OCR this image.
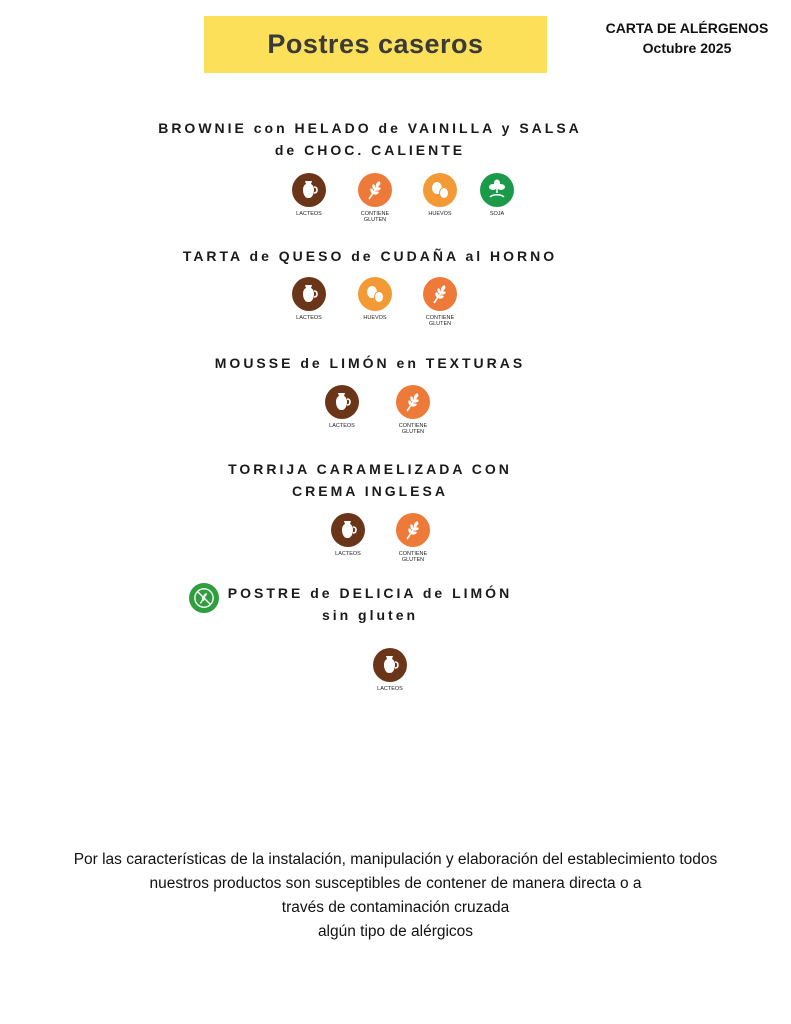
Postres caseros
CARTA DE ALÉRGENOS
Octubre 2025
BROWNIE con HELADO de VAINILLA y SALSA
de CHOC. CALIENTE
LACTEOS	CONTIENE
GLUTEN
HUEVOS	SOJA
TARTA de QUESO de CUDAÑA al HORNO
LACTEOS	HUEVOS	CONTIENE
GLUTEN
MOUSSE de LIMÓN en TEXTURAS
LACTEOS	CONTIENE
GLUTEN
TORRIJA CARAMELIZADA CON
CREMA INGLESA
LACTEOS	CONTIENE
GLUTEN
POSTRE de DELICIA de LIMÓN
sin gluten
LACTEOS
Por las características de la instalación, manipulación y elaboración del establecimiento todos
nuestros productos son susceptibles de contener de manera directa o a
través de contaminación cruzada
algún tipo de alérgicos
